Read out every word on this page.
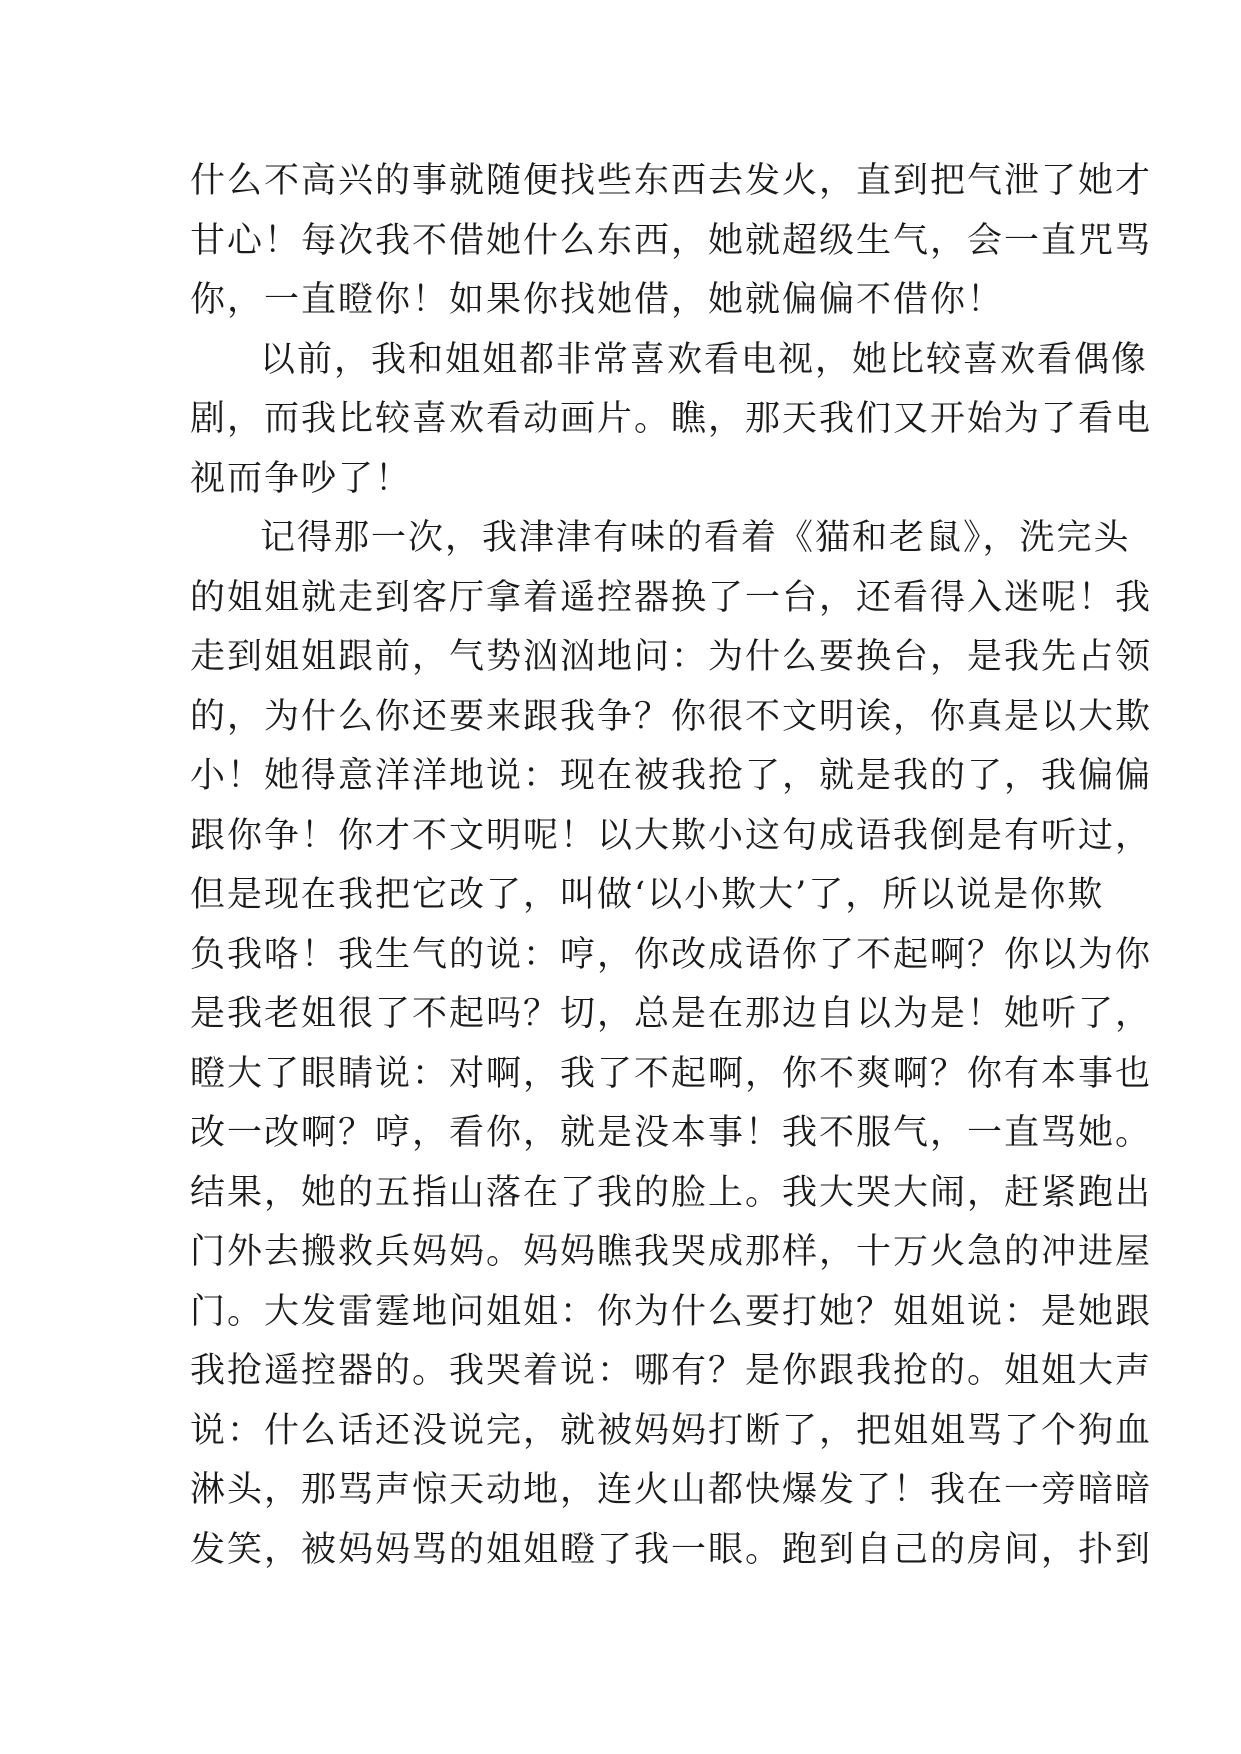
什么不高兴的事就随便找些东西去发火，直到把气泄了她才
甘心！每次我不借她什么东西，她就超级生气，会一直咒骂
你，一直瞪你！如果你找她借，她就偏偏不借你！
以前，我和姐姐都非常喜欢看电视，她比较喜欢看偶像
剧，而我比较喜欢看动画片。瞧，那天我们又开始为了看电
视而争吵了！
记得那一次，我津津有味的看着《猫和老鼠》，洗完头
的姐姐就走到客厅拿着遥控器换了一台，还看得入迷呢！我
走到姐姐跟前，气势汹汹地问：为什么要换台，是我先占领
的，为什么你还要来跟我争？你很不文明诶，你真是以大欺
小！她得意洋洋地说：现在被我抢了，就是我的了，我偏偏
跟你争！你才不文明呢！以大欺小这句成语我倒是有听过，
但是现在我把它改了，叫做‘以小欺大’了，所以说是你欺
负我咯！我生气的说：哼，你改成语你了不起啊？你以为你
是我老姐很了不起吗？切，总是在那边自以为是！她听了，
瞪大了眼睛说：对啊，我了不起啊，你不爽啊？你有本事也
改一改啊？哼，看你，就是没本事！我不服气，一直骂她。
结果，她的五指山落在了我的脸上。我大哭大闹，赶紧跑出
门外去搬救兵妈妈。妈妈瞧我哭成那样，十万火急的冲进屋
门。大发雷霆地问姐姐：你为什么要打她？姐姐说：是她跟
我抢遥控器的。我哭着说：哪有？是你跟我抢的。姐姐大声
说：什么话还没说完，就被妈妈打断了，把姐姐骂了个狗血
淋头，那骂声惊天动地，连火山都快爆发了！我在一旁暗暗
发笑，被妈妈骂的姐姐瞪了我一眼。跑到自己的房间，扑到
